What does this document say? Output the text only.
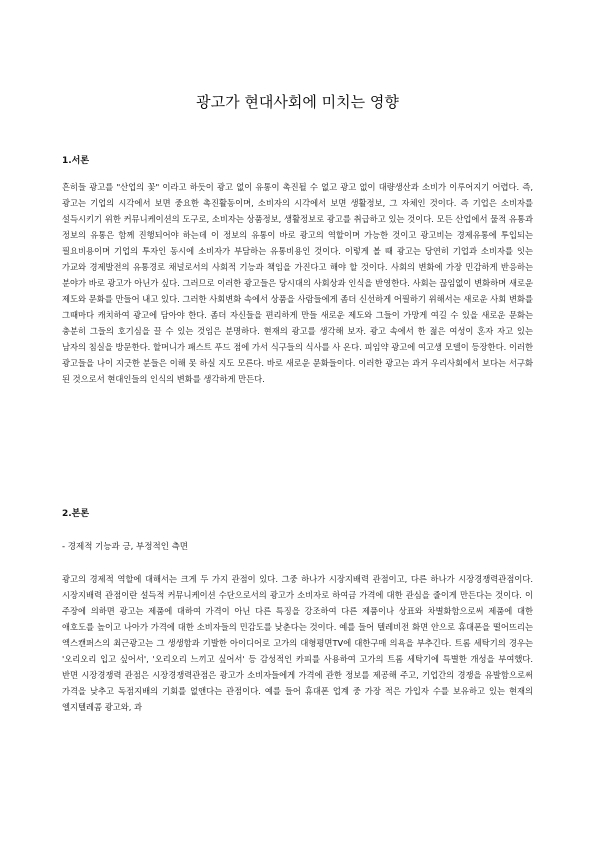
광고가 현대사회에 미치는 영향
1.서론

흔히들 광고를 "산업의 꽃" 이라고 하듯이 광고 없이 유통이 촉진될 수 없고 광고 없이 대량생산과 소비가 이루어지기 어렵다. 즉, 광고는 기업의 시각에서 보면 중요한 촉진활동이며, 소비자의 시각에서 보면 생활정보, 그 자체인 것이다. 즉 기업은 소비자를 설득시키기 위한 커뮤니케이션의 도구로, 소비자는 상품정보, 생활정보로 광고를 취급하고 있는 것이다. 모든 산업에서 물적 유통과 정보의 유통은 함께 진행되어야 하는데 이 정보의 유통이 바로 광고의 역할이며 가능한 것이고 광고비는 경제유통에 투입되는 필요비용이며 기업의 투자인 동시에 소비자가 부담하는 유통비용인 것이다. 이렇게 볼 때 광고는 당연히 기업과 소비자를 잇는 가교와 경제발전의 유통경로 채널로서의 사회적 기능과 책임을 가진다고 해야 할 것이다. 사회의 변화에 가장 민감하게 반응하는 분야가 바로 광고가 아닌가 싶다. 그러므로 이러한 광고들은 당시대의 사회상과 인식을 반영한다. 사회는 끊임없이 변화하며 새로운 제도와 문화를 만들어 내고 있다. 그러한 사회변화 속에서 상품을 사람들에게 좀더 신선하게 어필하기 위해서는 새로운 사회 변화를 그때마다 캐치하여 광고에 담아야 한다. 좀더 자신들을 편리하게 만들 새로운 제도와 그들이 가망게 여길 수 있을 새로운 문화는 충분히 그들의 호기심을 끌 수 있는 것임은 분명하다. 현재의 광고를 생각해 보자. 광고 속에서 한 젊은 여성이 혼자 자고 있는 남자의 침실을 방문한다. 할머니가 패스트 푸드 점에 가서 식구들의 식사를 사 온다. 피임약 광고에 여고생 모델이 등장한다. 이러한 광고들을 나이 지긋한 분들은 이해 못 하실 지도 모른다. 바로 새로운 문화들이다. 이러한 광고는 과거 우리사회에서 보다는 서구화 된 것으로서 현대인들의 인식의 변화를 생각하게 만든다.

2.본론

- 경제적 기능과 긍, 부정적인 측면

광고의 경제적 역할에 대해서는 크게 두 가지 관점이 있다. 그중 하나가 시장지배력 관점이고, 다른 하나가 시장경쟁력관점이다. 시장지배력 관점이란 설득적 커뮤니케이션 수단으로서의 광고가 소비자로 하여금 가격에 대한 관심을 줄이게 만든다는 것이다. 이 주장에 의하면 광고는 제품에 대하여 가격이 아닌 다른 특징을 강조하여 다른 제품이나 상표와 차별화함으로써 제품에 대한 애호도를 높이고 나아가 가격에 대한 소비자들의 민감도를 낮춘다는 것이다. 예를 들어 텔레비전 화면 안으로 휴대폰을 떨어뜨리는 엑스캔퍼스의 최근광고는 그 생생함과 기발한 아이디어로 고가의 대형평면TV에 대한구매 의욕을 부추긴다. 트롬 세탁기의 경우는 '오리오리 입고 싶어서', '오리오리 느끼고 싶어서' 등 감성적인 카피를 사용하여 고가의 트롬 세탁기에 특별한 개성을 부여했다. 반면 시장경쟁력 관점은 시장경쟁력관점은 광고가 소비자들에게 가격에 관한 정보를 제공해 주고, 기업간의 경쟁을 유발함으로써 가격을 낮추고 독점지배의 기회를 없앤다는 관점이다. 예를 들어 휴대폰 업계 중 가장 적은 가입자 수를 보유하고 있는 현재의 엘지텔레콤 광고와, 과
